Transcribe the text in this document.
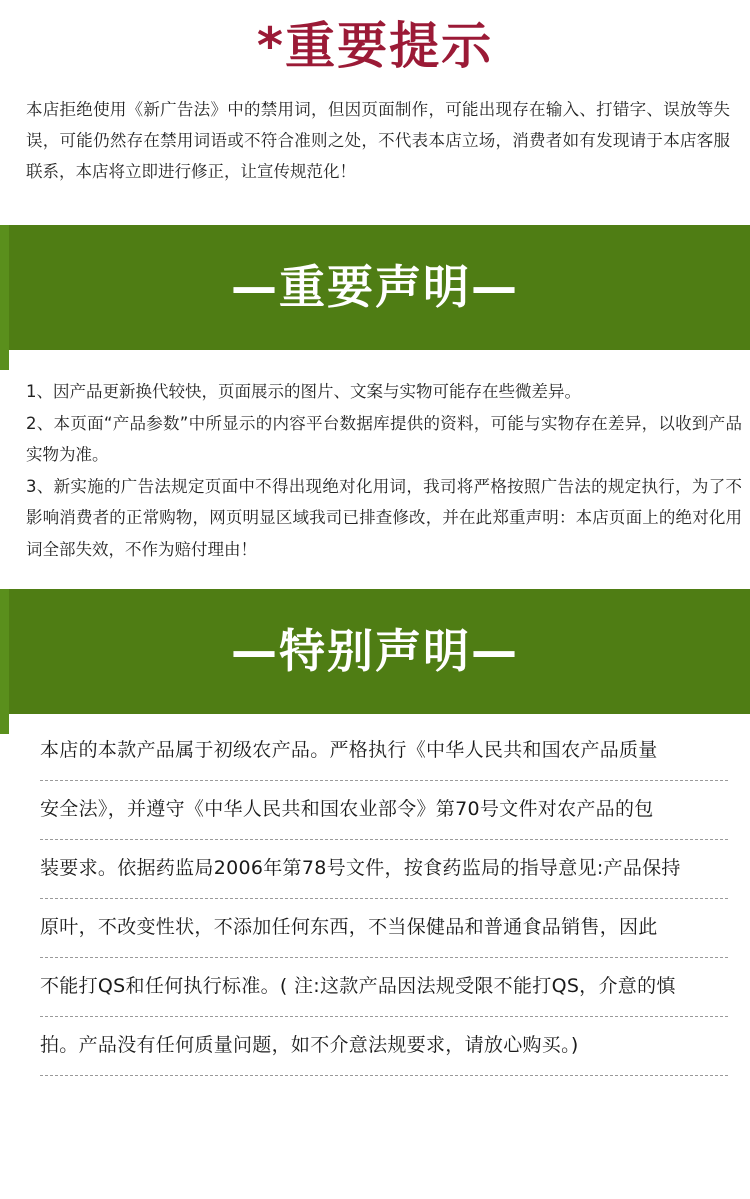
*重要提示
本店拒绝使用《新广告法》中的禁用词，但因页面制作，可能出现存在输入、打错字、误放等失误，可能仍然存在禁用词语或不符合准则之处，不代表本店立场，消费者如有发现请于本店客服联系，本店将立即进行修正，让宣传规范化！
—重要声明—

1、因产品更新换代较快，页面展示的图片、文案与实物可能存在些微差异。

2、本页面“产品参数”中所显示的内容平台数据库提供的资料，可能与实物存在差异，以收到产品实物为准。

3、新实施的广告法规定页面中不得出现绝对化用词，我司将严格按照广告法的规定执行，为了不影响消费者的正常购物，网页明显区域我司已排查修改，并在此郑重声明：本店页面上的绝对化用词全部失效，不作为赔付理由！

—特别声明—
本店的本款产品属于初级农产品。严格执行《中华人民共和国农产品质量
安全法》，并遵守《中华人民共和国农业部令》第70号文件对农产品的包
装要求。依据药监局2006年第78号文件，按食药监局的指导意见:产品保持
原叶，不改变性状，不添加任何东西，不当保健品和普通食品销售，因此
不能打QS和任何执行标准。( 注:这款产品因法规受限不能打QS，介意的慎
拍。产品没有任何质量问题，如不介意法规要求，请放心购买。)
